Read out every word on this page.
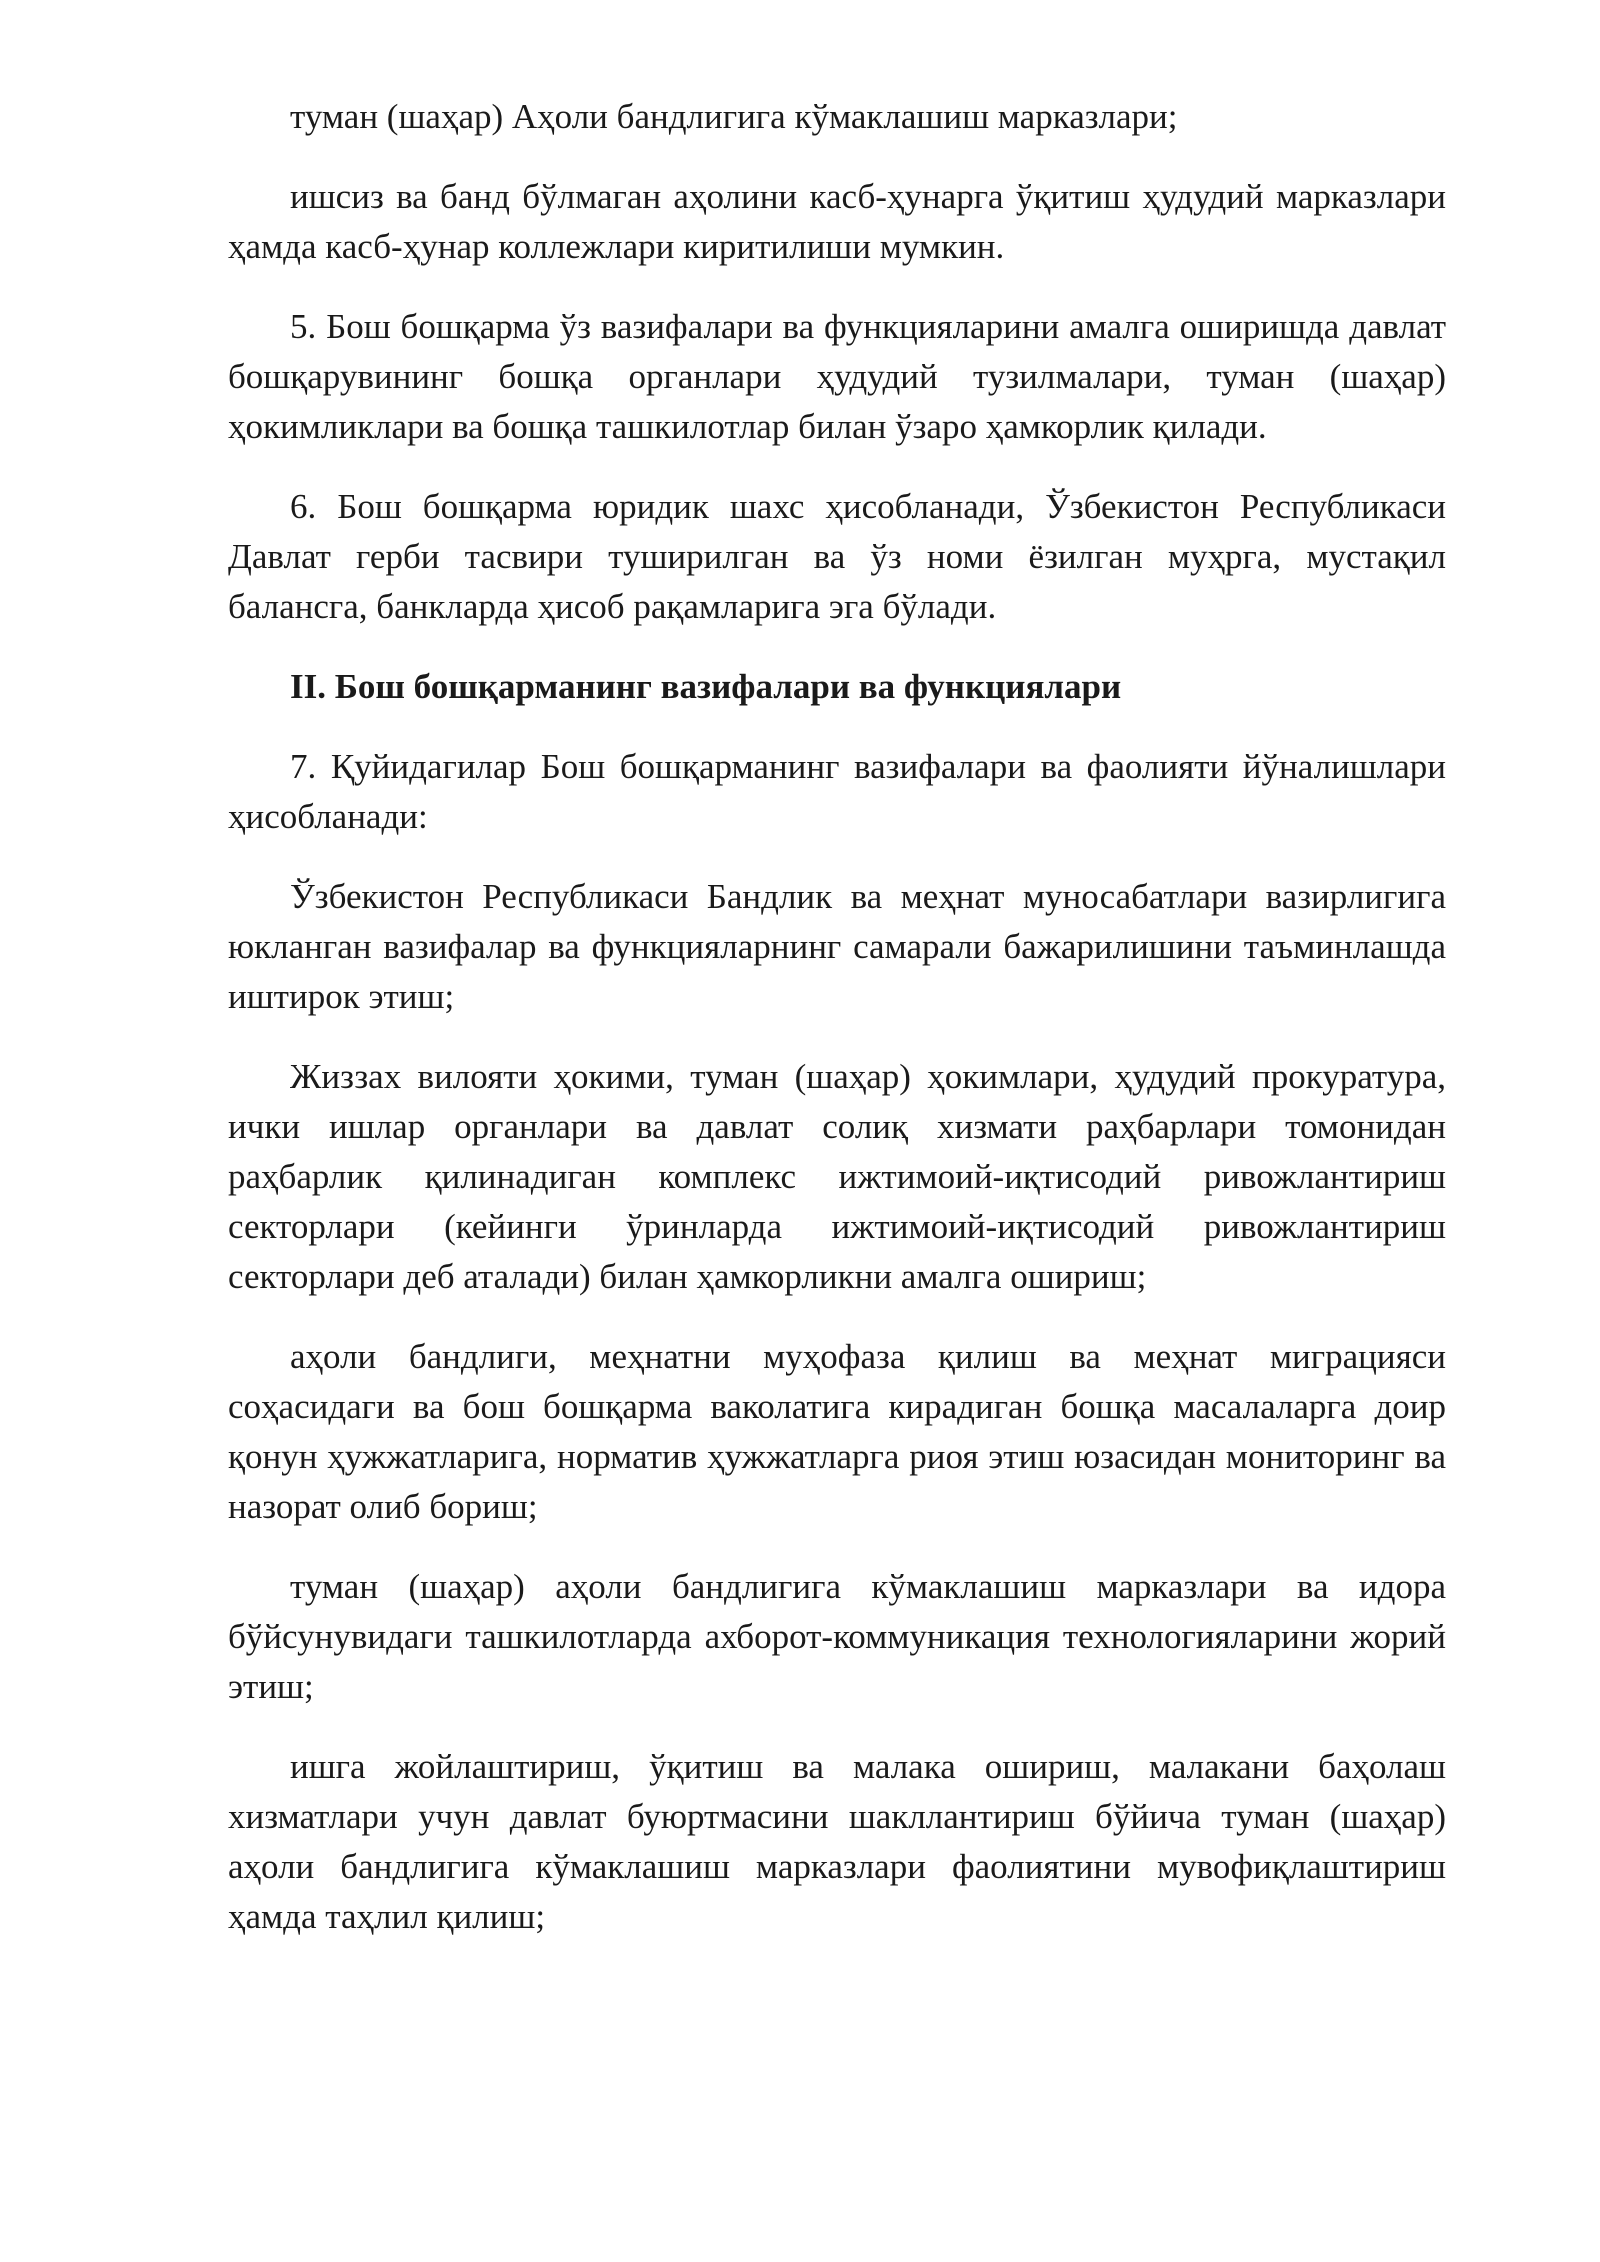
туман (шаҳар) Аҳоли бандлигига кўмаклашиш марказлари;

ишсиз ва банд бўлмаган аҳолини касб-ҳунарга ўқитиш ҳудудий марказлари ҳамда касб-ҳунар коллежлари киритилиши мумкин.

5. Бош бошқарма ўз вазифалари ва функцияларини амалга оширишда давлат бошқарувининг бошқа органлари ҳудудий тузилмалари, туман (шаҳар) ҳокимликлари ва бошқа ташкилотлар билан ўзаро ҳамкорлик қилади.

6. Бош бошқарма юридик шахс ҳисобланади, Ўзбекистон Республикаси Давлат герби тасвири туширилган ва ўз номи ёзилган муҳрга, мустақил балансга, банкларда ҳисоб рақамларига эга бўлади.

II. Бош бошқарманинг вазифалари ва функциялари

7. Қуйидагилар Бош бошқарманинг вазифалари ва фаолияти йўналишлари ҳисобланади:

Ўзбекистон Республикаси Бандлик ва меҳнат муносабатлари вазирлигига юкланган вазифалар ва функцияларнинг самарали бажарилишини таъминлашда иштирок этиш;

Жиззах вилояти ҳокими, туман (шаҳар) ҳокимлари, ҳудудий прокуратура, ички ишлар органлари ва давлат солиқ хизмати раҳбарлари томонидан раҳбарлик қилинадиган комплекс ижтимоий-иқтисодий ривожлантириш секторлари (кейинги ўринларда ижтимоий-иқтисодий ривожлантириш секторлари деб аталади) билан ҳамкорликни амалга ошириш;

аҳоли бандлиги, меҳнатни муҳофаза қилиш ва меҳнат миграцияси соҳасидаги ва бош бошқарма ваколатига кирадиган бошқа масалаларга доир қонун ҳужжатларига, норматив ҳужжатларга риоя этиш юзасидан мониторинг ва назорат олиб бориш;

туман (шаҳар) аҳоли бандлигига кўмаклашиш марказлари ва идора бўйсунувидаги ташкилотларда ахборот-коммуникация технологияларини жорий этиш;

ишга жойлаштириш, ўқитиш ва малака ошириш, малакани баҳолаш хизматлари учун давлат буюртмасини шакллантириш бўйича туман (шаҳар) аҳоли бандлигига кўмаклашиш марказлари фаолиятини мувофиқлаштириш ҳамда таҳлил қилиш;
